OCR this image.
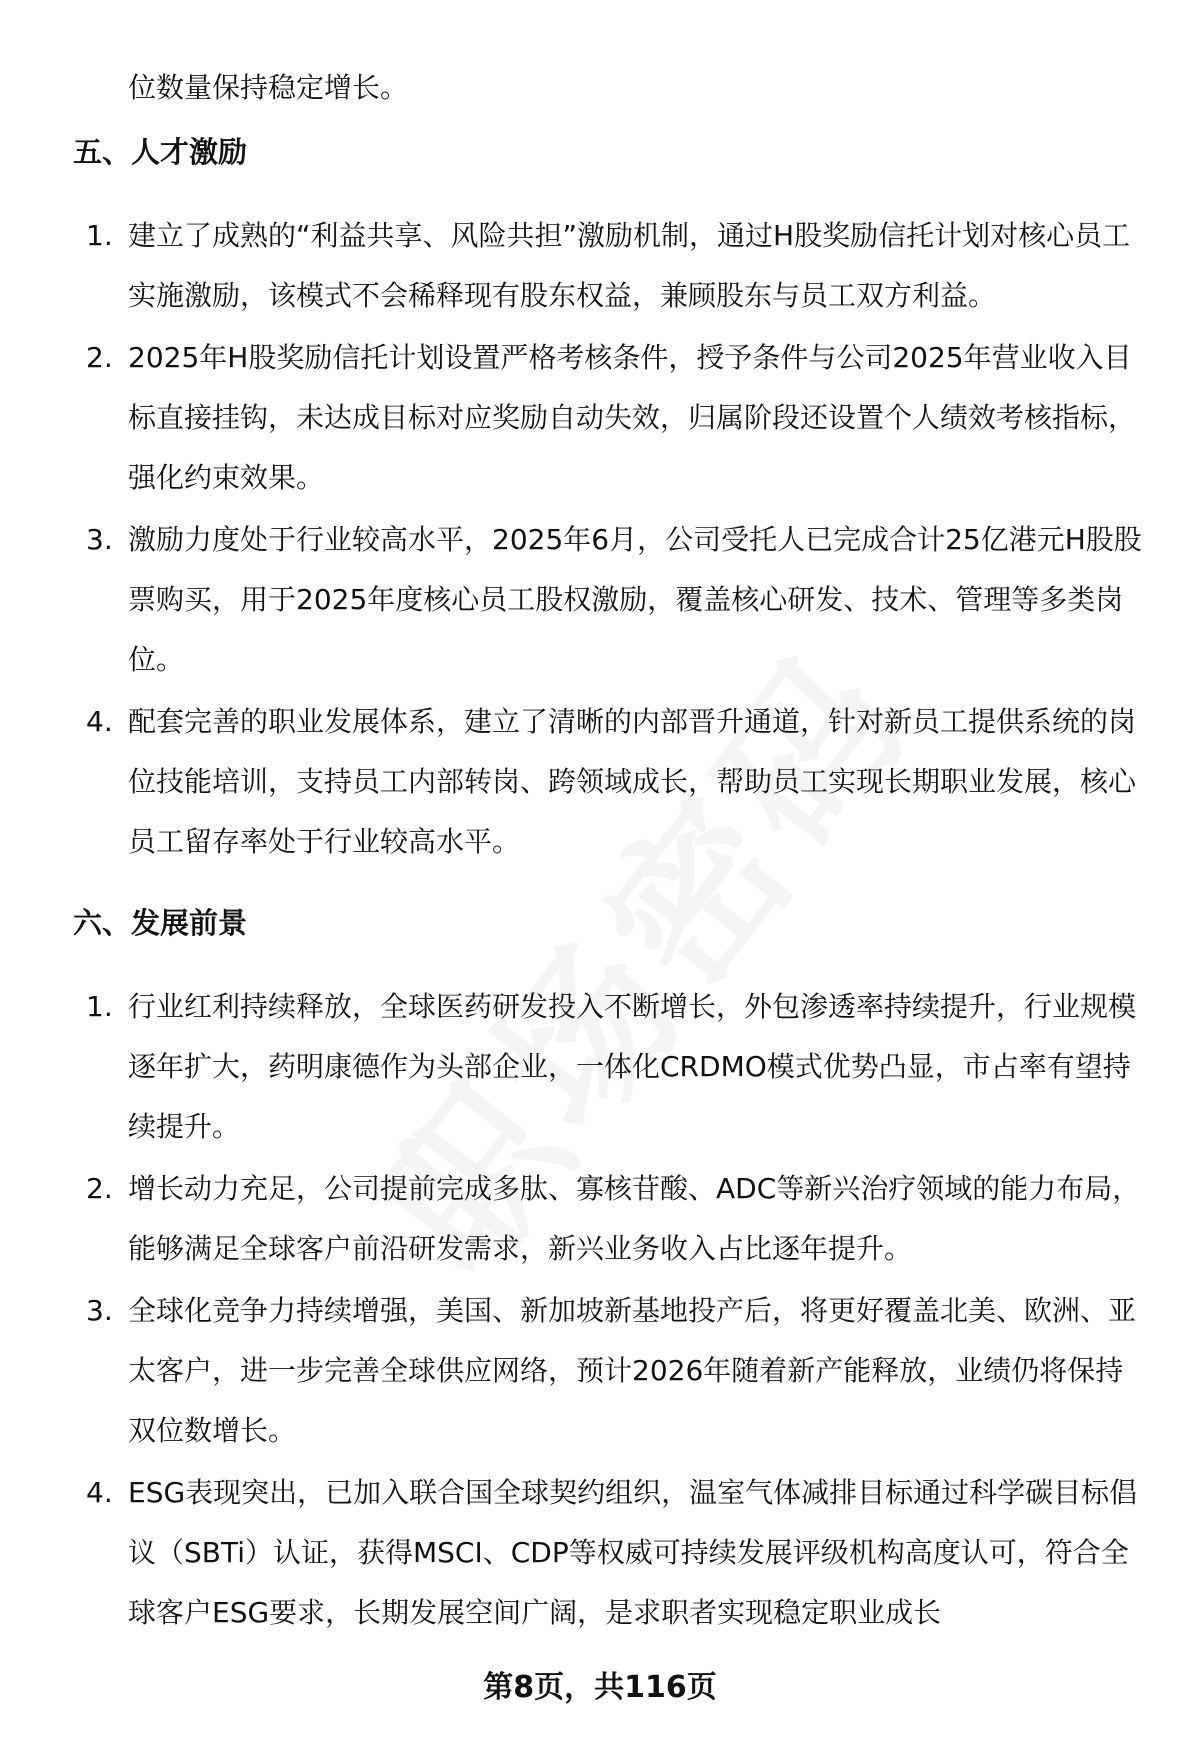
位数量保持稳定增长。
五、人才激励
1. 建立了成熟的“利益共享、风险共担”激励机制，通过H股奖励信托计划对核心员工实施激励，该模式不会稀释现有股东权益，兼顾股东与员工双方利益。
2. 2025年H股奖励信托计划设置严格考核条件，授予条件与公司2025年营业收入目标直接挂钩，未达成目标对应奖励自动失效，归属阶段还设置个人绩效考核指标，强化约束效果。
3. 激励力度处于行业较高水平，2025年6月，公司受托人已完成合计25亿港元H股股票购买，用于2025年度核心员工股权激励，覆盖核心研发、技术、管理等多类岗位。
4. 配套完善的职业发展体系，建立了清晰的内部晋升通道，针对新员工提供系统的岗位技能培训，支持员工内部转岗、跨领域成长，帮助员工实现长期职业发展，核心员工留存率处于行业较高水平。
六、发展前景
1. 行业红利持续释放，全球医药研发投入不断增长，外包渗透率持续提升，行业规模逐年扩大，药明康德作为头部企业，一体化CRDMO模式优势凸显，市占率有望持续提升。
2. 增长动力充足，公司提前完成多肽、寡核苷酸、ADC等新兴治疗领域的能力布局，能够满足全球客户前沿研发需求，新兴业务收入占比逐年提升。
3. 全球化竞争力持续增强，美国、新加坡新基地投产后，将更好覆盖北美、欧洲、亚太客户，进一步完善全球供应网络，预计2026年随着新产能释放，业绩仍将保持双位数增长。
4. ESG表现突出，已加入联合国全球契约组织，温室气体减排目标通过科学碳目标倡议（SBTi）认证，获得MSCI、CDP等权威可持续发展评级机构高度认可，符合全球客户ESG要求，长期发展空间广阔，是求职者实现稳定职业成长
第8页，共116页
